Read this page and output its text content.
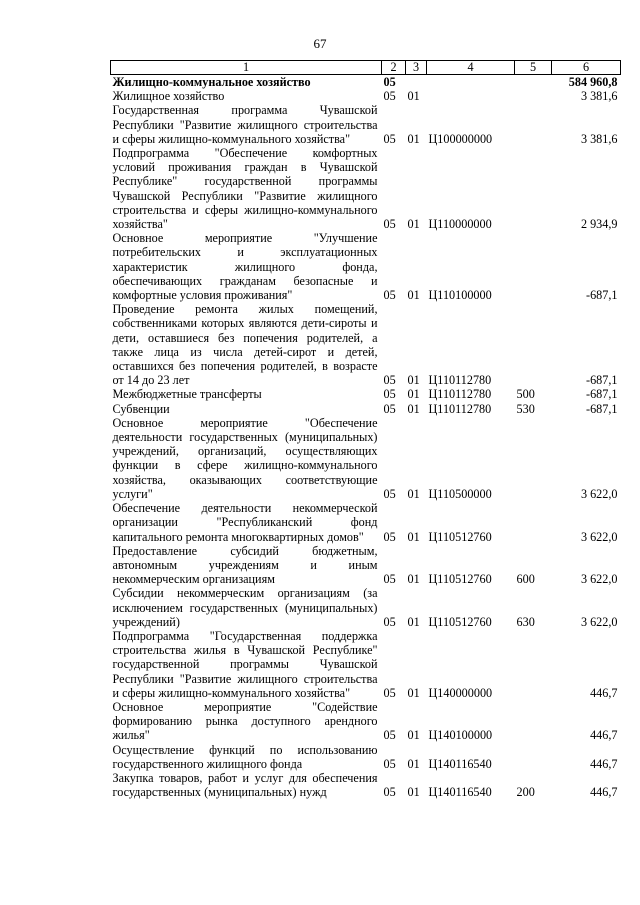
67
1	2	3	4	5	6
Жилищно-коммунальное хозяйство	05				584 960,8
Жилищное хозяйство	05	01			3 381,6
Государственная программа Чувашской Республики "Развитие жилищного строительства и сферы жилищно-коммунального хозяйства"	05	01	Ц100000000		3 381,6
Подпрограмма "Обеспечение комфортных условий проживания граждан в Чувашской Республике" государственной программы Чувашской Республики "Развитие жилищного строительства и сферы жилищно-коммунального хозяйства"	05	01	Ц110000000		2 934,9
Основное мероприятие "Улучшение потребительских и эксплуатационных характеристик жилищного фонда, обеспечивающих гражданам безопасные и комфортные условия проживания"	05	01	Ц110100000		-687,1
Проведение ремонта жилых помещений, собственниками которых являются дети-сироты и дети, оставшиеся без попечения родителей, а также лица из числа детей-сирот и детей, оставшихся без попечения родителей, в возрасте от 14 до 23 лет	05	01	Ц110112780		-687,1
Межбюджетные трансферты	05	01	Ц110112780	500	-687,1
Субвенции	05	01	Ц110112780	530	-687,1
Основное мероприятие "Обеспечение деятельности государственных (муниципальных) учреждений, организаций, осуществляющих функции в сфере жилищно-коммунального хозяйства, оказывающих соответствующие услуги"	05	01	Ц110500000		3 622,0
Обеспечение деятельности некоммерческой организации "Республиканский фонд капитального ремонта многоквартирных домов"	05	01	Ц110512760		3 622,0
Предоставление субсидий бюджетным, автономным учреждениям и иным некоммерческим организациям	05	01	Ц110512760	600	3 622,0
Субсидии некоммерческим организациям (за исключением государственных (муниципальных) учреждений)	05	01	Ц110512760	630	3 622,0
Подпрограмма "Государственная поддержка строительства жилья в Чувашской Республике" государственной программы Чувашской Республики "Развитие жилищного строительства и сферы жилищно-коммунального хозяйства"	05	01	Ц140000000		446,7
Основное мероприятие "Содействие формированию рынка доступного арендного жилья"	05	01	Ц140100000		446,7
Осуществление функций по использованию государственного жилищного фонда	05	01	Ц140116540		446,7
Закупка товаров, работ и услуг для обеспечения государственных (муниципальных) нужд	05	01	Ц140116540	200	446,7
